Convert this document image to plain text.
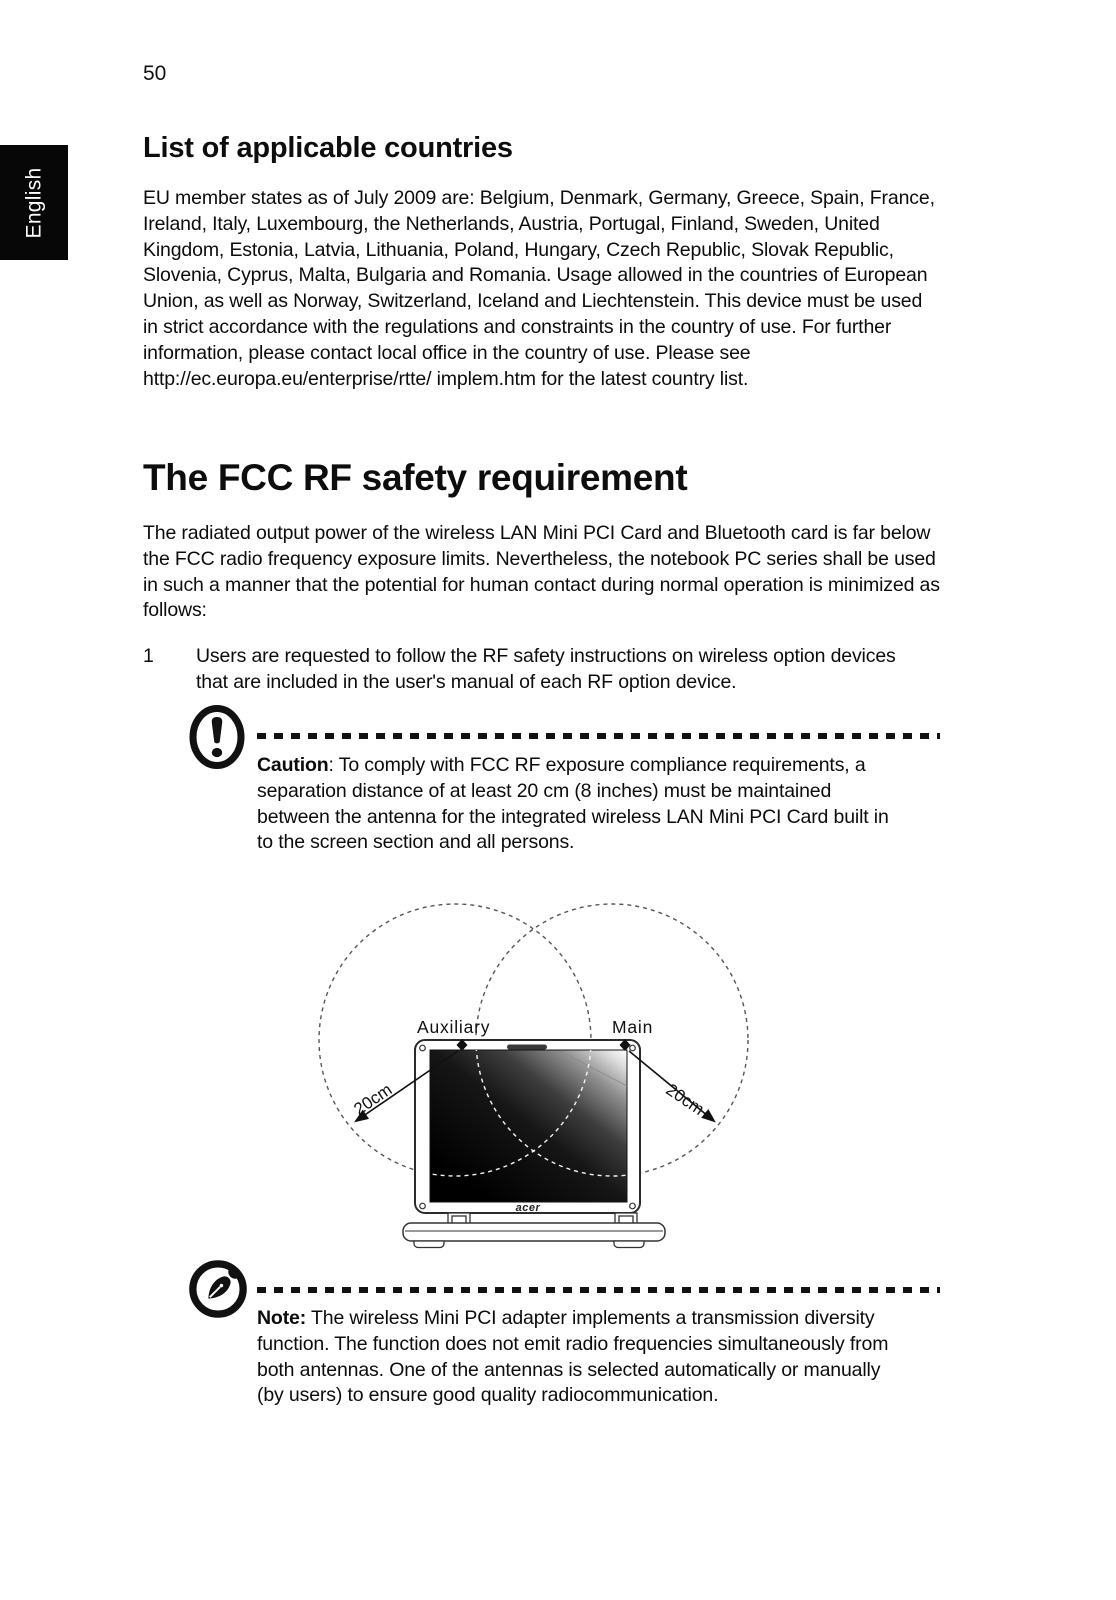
50
English
List of applicable countries
EU member states as of July 2009 are: Belgium, Denmark, Germany, Greece, Spain, France, Ireland, Italy, Luxembourg, the Netherlands, Austria, Portugal, Finland, Sweden, United Kingdom, Estonia, Latvia, Lithuania, Poland, Hungary, Czech Republic, Slovak Republic, Slovenia, Cyprus, Malta, Bulgaria and Romania. Usage allowed in the countries of European Union, as well as Norway, Switzerland, Iceland and Liechtenstein. This device must be used in strict accordance with the regulations and constraints in the country of use. For further information, please contact local office in the country of use. Please see http://ec.europa.eu/enterprise/rtte/ implem.htm for the latest country list.
The FCC RF safety requirement
The radiated output power of the wireless LAN Mini PCI Card and Bluetooth card is far below the FCC radio frequency exposure limits. Nevertheless, the notebook PC series shall be used in such a manner that the potential for human contact during normal operation is minimized as follows:
1	Users are requested to follow the RF safety instructions on wireless option devices that are included in the user's manual of each RF option device.
Caution: To comply with FCC RF exposure compliance requirements, a separation distance of at least 20 cm (8 inches) must be maintained between the antenna for the integrated wireless LAN Mini PCI Card built in to the screen section and all persons.
acer
Auxiliary	Main
20cm	20cm
Note: The wireless Mini PCI adapter implements a transmission diversity function. The function does not emit radio frequencies simultaneously from both antennas. One of the antennas is selected automatically or manually (by users) to ensure good quality radiocommunication.
